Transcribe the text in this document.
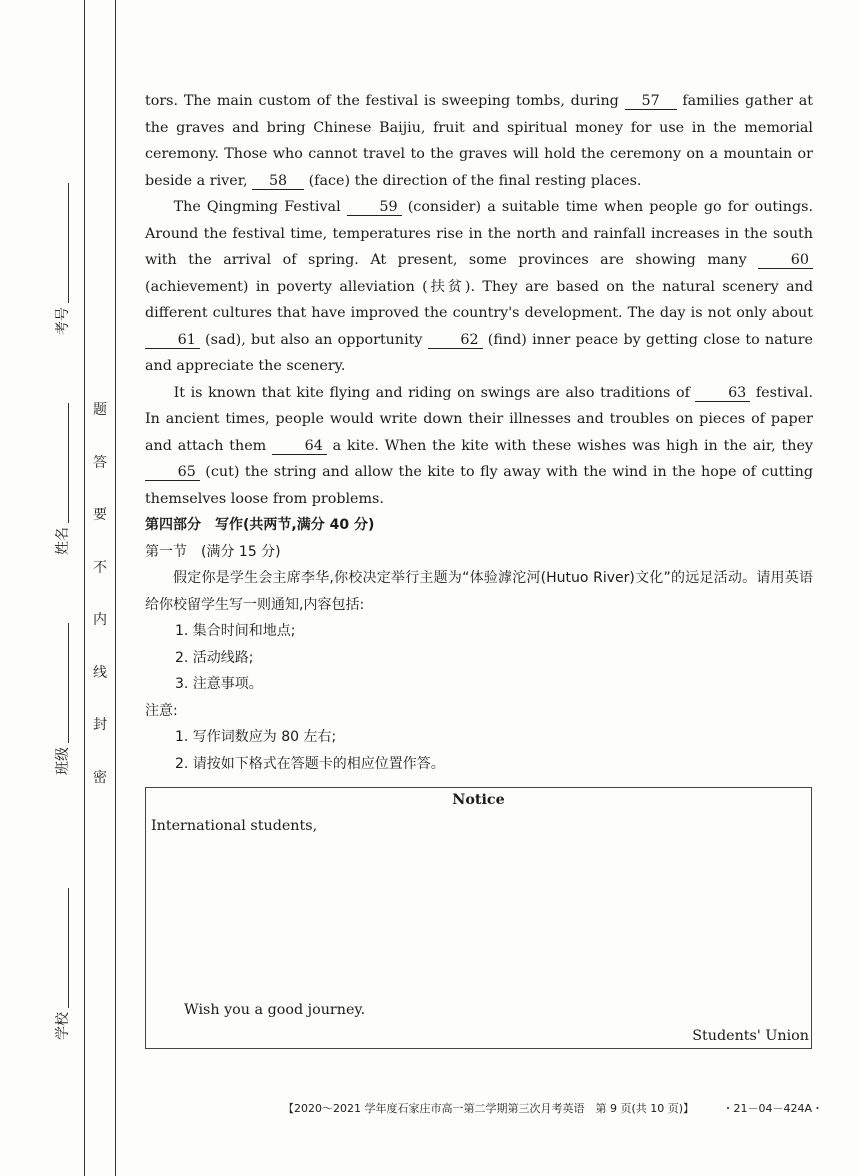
考号
姓名
班级
学校
题
答
要
不
内
线
封
密

tors. The main custom of the festival is sweeping tombs, during 57 families gather at the graves and bring Chinese Baijiu, fruit and spiritual money for use in the memorial ceremony. Those who cannot travel to the graves will hold the ceremony on a mountain or beside a river, 58 (face) the direction of the final resting places.

The Qingming Festival 59 (consider) a suitable time when people go for outings. Around the festival time, temperatures rise in the north and rainfall increases in the south with the arrival of spring. At present, some provinces are showing many 60 (achievement) in poverty alleviation (扶贫). They are based on the natural scenery and different cultures that have improved the country's development. The day is not only about 61 (sad), but also an opportunity 62 (find) inner peace by getting close to nature and appreciate the scenery.

It is known that kite flying and riding on swings are also traditions of 63 festival. In ancient times, people would write down their illnesses and troubles on pieces of paper and attach them 64 a kite. When the kite with these wishes was high in the air, they 65 (cut) the string and allow the kite to fly away with the wind in the hope of cutting themselves loose from problems.

第四部分　写作(共两节,满分 40 分)

第一节　(满分 15 分)

假定你是学生会主席李华,你校决定举行主题为“体验滹沱河(Hutuo River)文化”的远足活动。请用英语给你校留学生写一则通知,内容包括:

1. 集合时间和地点;

2. 活动线路;

3. 注意事项。

注意:

1. 写作词数应为 80 左右;

2. 请按如下格式在答题卡的相应位置作答。

Notice
International students,
Wish you a good journey.
Students' Union
【2020～2021 学年度石家庄市高一第二学期第三次月考英语　第 9 页(共 10 页)】	・21－04－424A・
